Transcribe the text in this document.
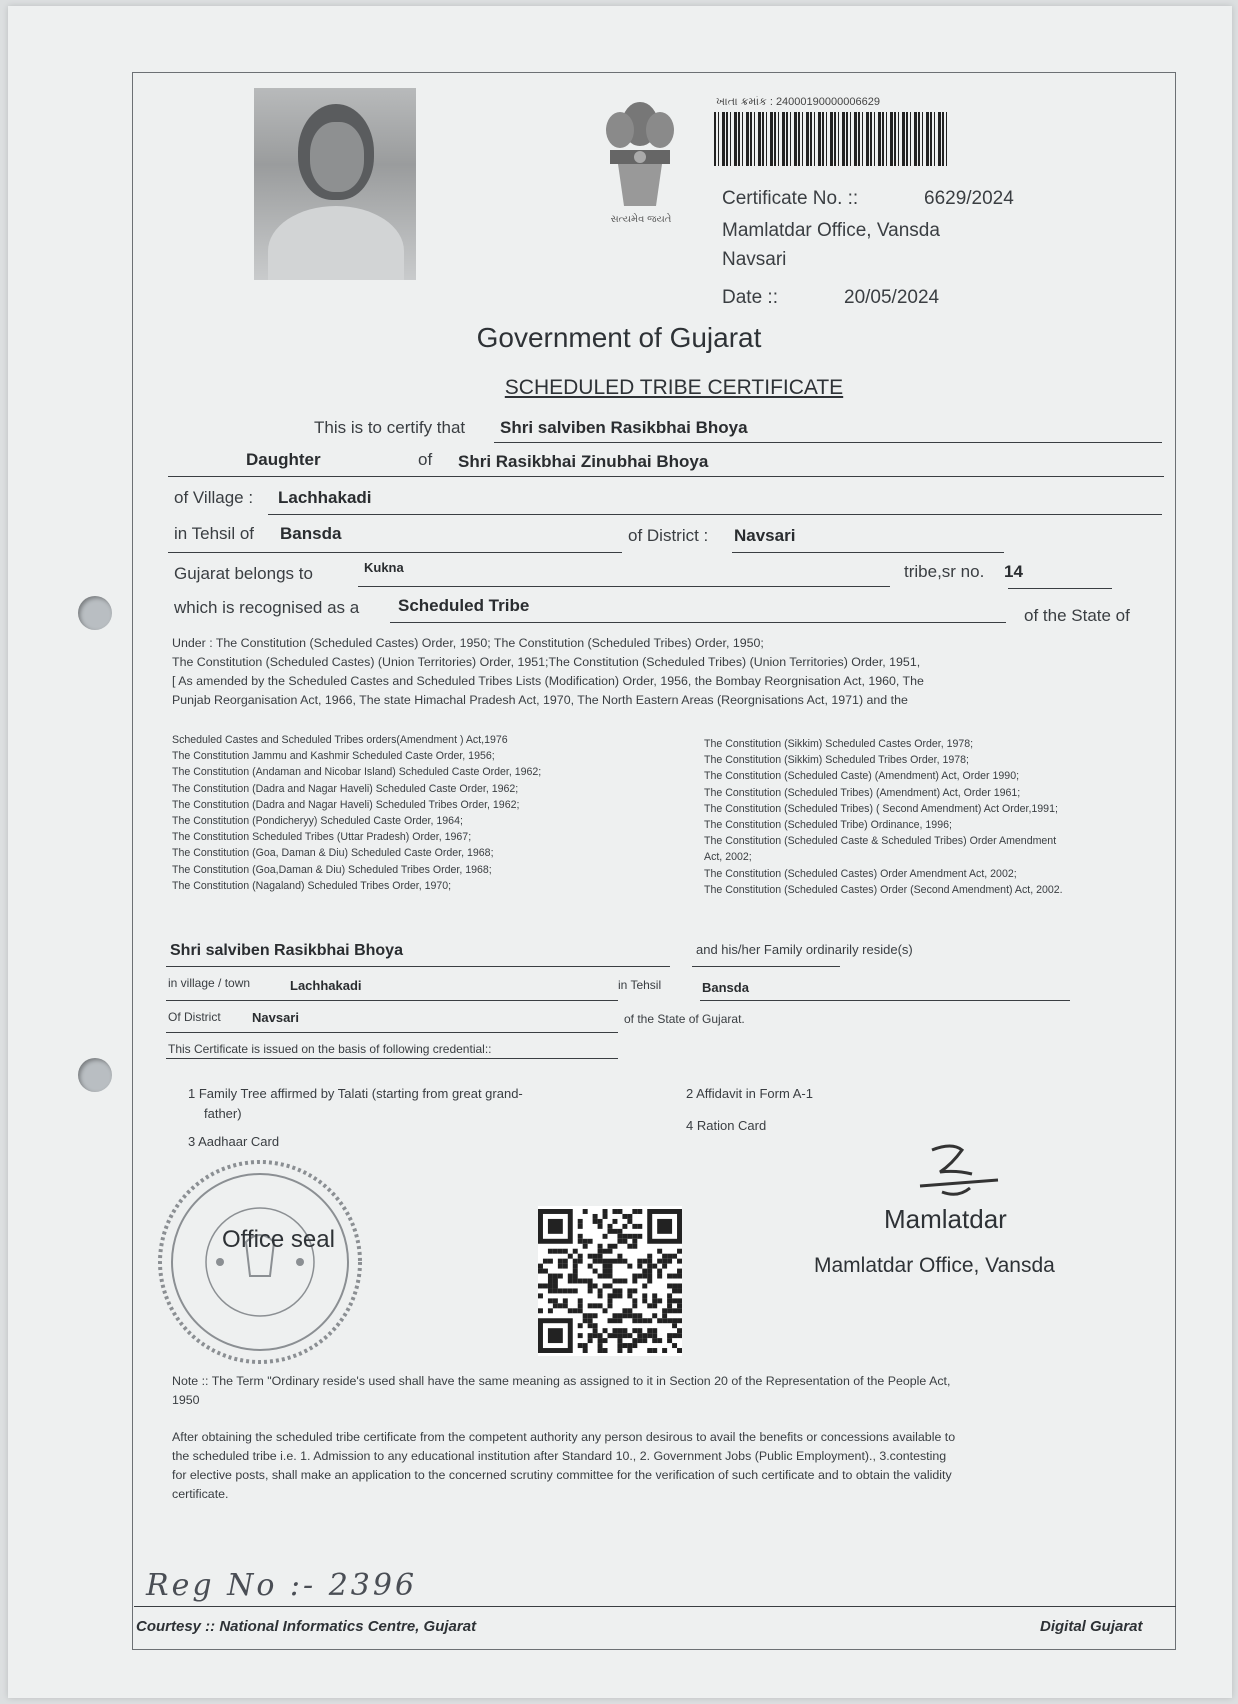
સત્યમેવ જયતે
ખાતા ક્રમાંક : 24000190000006629
Certificate No. ::	6629/2024
Mamlatdar Office, Vansda
Navsari
Date ::	20/05/2024
Government of Gujarat
SCHEDULED TRIBE CERTIFICATE
This is to certify that Shri salviben Rasikbhai Bhoya
Daughter	of Shri Rasikbhai Zinubhai Bhoya
of Village : Lachhakadi
in Tehsil of Bansda	of District : Navsari
Gujarat belongs to	Kukna	tribe,sr no. 14
which is recognised as a Scheduled Tribe
of the State of
Under : The Constitution (Scheduled Castes) Order, 1950; The Constitution (Scheduled Tribes) Order, 1950;
The Constitution (Scheduled Castes) (Union Territories) Order, 1951;The Constitution (Scheduled Tribes) (Union Territories) Order, 1951,
[ As amended by the Scheduled Castes and Scheduled Tribes Lists (Modification) Order, 1956, the Bombay Reorgnisation Act, 1960, The
Punjab Reorganisation Act, 1966, The state Himachal Pradesh Act, 1970, The North Eastern Areas (Reorgnisations Act, 1971) and the
Scheduled Castes and Scheduled Tribes orders(Amendment ) Act,1976
The Constitution Jammu and Kashmir Scheduled Caste Order, 1956;
The Constitution (Andaman and Nicobar Island) Scheduled Caste Order, 1962;
The Constitution (Dadra and Nagar Haveli) Scheduled Caste Order, 1962;
The Constitution (Dadra and Nagar Haveli) Scheduled Tribes Order, 1962;
The Constitution (Pondicheryy) Scheduled Caste Order, 1964;
The Constitution Scheduled Tribes (Uttar Pradesh) Order, 1967;
The Constitution (Goa, Daman & Diu) Scheduled Caste Order, 1968;
The Constitution (Goa,Daman & Diu) Scheduled Tribes Order, 1968;
The Constitution (Nagaland) Scheduled Tribes Order, 1970;
The Constitution (Sikkim) Scheduled Castes Order, 1978;
The Constitution (Sikkim) Scheduled Tribes Order, 1978;
The Constitution (Scheduled Caste) (Amendment) Act, Order 1990;
The Constitution (Scheduled Tribes) (Amendment) Act, Order 1961;
The Constitution (Scheduled Tribes) ( Second Amendment) Act Order,1991;
The Constitution (Scheduled Tribe) Ordinance, 1996;
The Constitution (Scheduled Caste & Scheduled Tribes) Order Amendment
Act, 2002;
The Constitution (Scheduled Castes) Order Amendment Act, 2002;
The Constitution (Scheduled Castes) Order (Second Amendment) Act, 2002.
Shri salviben Rasikbhai Bhoya	and his/her Family ordinarily reside(s)
in village / town	Lachhakadi	in Tehsil	Bansda
Of District Navsari	of the State of Gujarat.
This Certificate is issued on the basis of following credential::
1 Family Tree affirmed by Talati (starting from great grand-
father)
2 Affidavit in Form A-1
3 Aadhaar Card
4 Ration Card
Office seal
Mamlatdar
Mamlatdar Office, Vansda
Note :: The Term "Ordinary reside's used shall have the same meaning as assigned to it in Section 20 of the Representation of the People Act,
1950
After obtaining the scheduled tribe certificate from the competent authority any person desirous to avail the benefits or concessions available to
the scheduled tribe i.e. 1. Admission to any educational institution after Standard 10., 2. Government Jobs (Public Employment)., 3.contesting
for elective posts, shall make an application to the concerned scrutiny committee for the verification of such certificate and to obtain the validity
certificate.
Reg No :- 2396
Courtesy :: National Informatics Centre, Gujarat	Digital Gujarat
